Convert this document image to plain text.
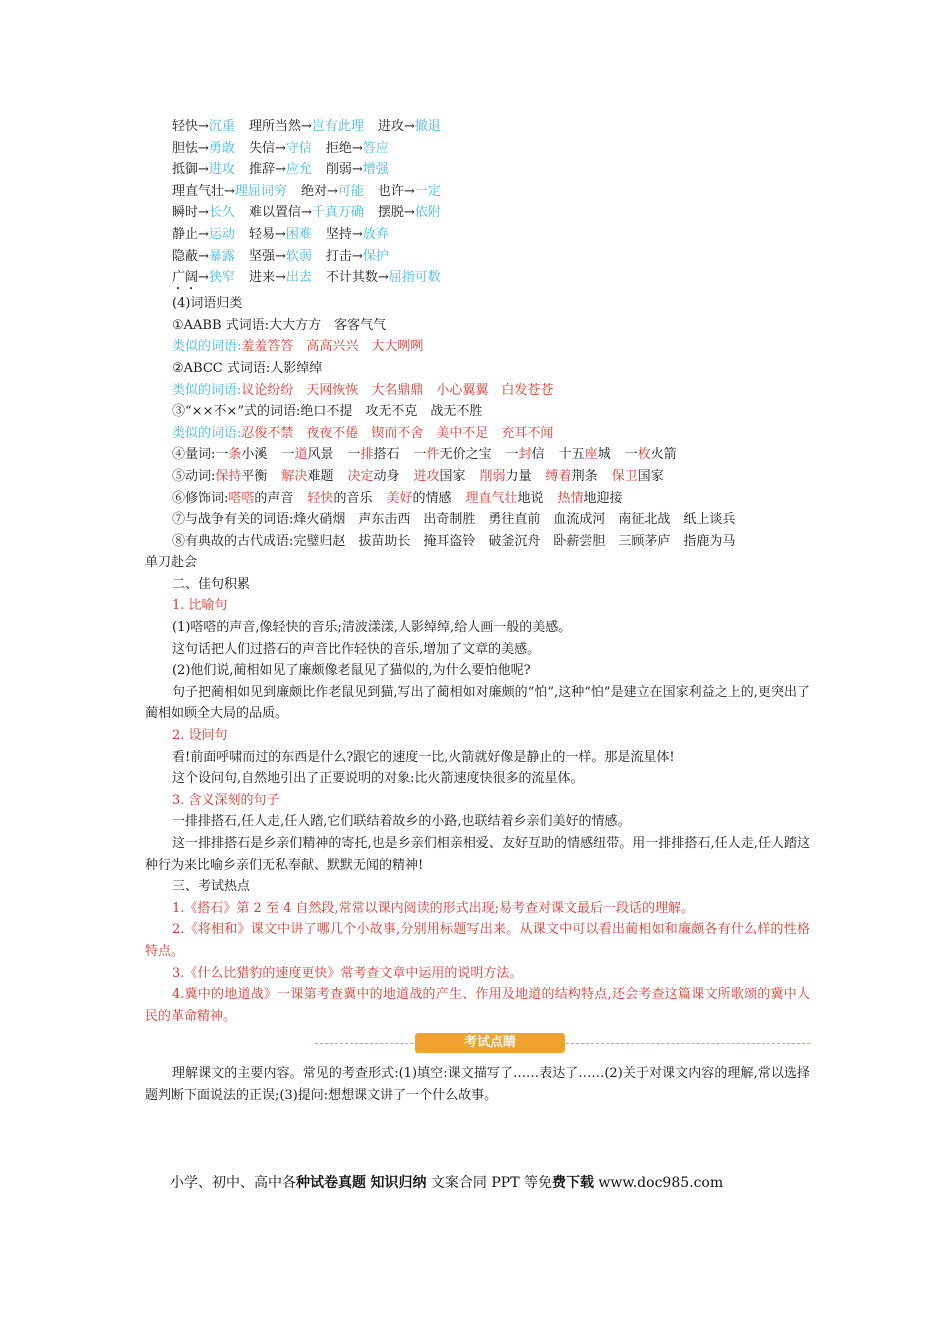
轻快→沉重 理所当然→岂有此理 进攻→撤退
胆怯→勇敢 失信→守信 拒绝→答应
抵御→进攻 推辞→应允 削弱→增强
理直气壮→理屈词穷 绝对→可能 也许→一定
瞬时→长久 难以置信→千真万确 摆脱→依附
静止→运动 轻易→困难 坚持→放弃
隐蔽→暴露 坚强→软弱 打击→保护
广阔→狭窄 进来→出去 不计其数→屈指可数
(4)词语归类
①AABB 式词语:大大方方　客客气气
类似的词语:羞羞答答　高高兴兴　大大咧咧
②ABCC 式词语:人影绰绰
类似的词语:议论纷纷　天网恢恢　大名鼎鼎　小心翼翼　白发苍苍
③“××不×”式的词语:绝口不提　攻无不克　战无不胜
类似的词语:忍俊不禁　夜夜不倦　锲而不舍　美中不足　充耳不闻
④量词:一条小溪 一道风景 一排搭石 一件无价之宝 一封信 十五座城 一枚火箭
⑤动词:保持平衡 解决难题 决定动身 进攻国家 削弱力量 缚着荆条 保卫国家
⑥修饰词:嗒嗒的声音 轻快的音乐 美好的情感 理直气壮地说 热情地迎接
⑦与战争有关的词语:烽火硝烟　声东击西　出奇制胜　勇往直前　血流成河　南征北战　纸上谈兵
⑧有典故的古代成语:完璧归赵　拔苗助长　掩耳盗铃　破釜沉舟　卧薪尝胆　三顾茅庐　指鹿为马
单刀赴会
二、佳句积累
1. 比喻句
(1)嗒嗒的声音,像轻快的音乐;清波漾漾,人影绰绰,给人画一般的美感。
这句话把人们过搭石的声音比作轻快的音乐,增加了文章的美感。
(2)他们说,蔺相如见了廉颇像老鼠见了猫似的,为什么要怕他呢?
句子把蔺相如见到廉颇比作老鼠见到猫,写出了蔺相如对廉颇的“怕”,这种“怕”是建立在国家利益之上的,更突出了蔺相如顾全大局的品质。
2. 设问句
看!前面呼啸而过的东西是什么?跟它的速度一比,火箭就好像是静止的一样。那是流星体!
这个设问句,自然地引出了正要说明的对象:比火箭速度快很多的流星体。
3. 含义深刻的句子
一排排搭石,任人走,任人踏,它们联结着故乡的小路,也联结着乡亲们美好的情感。
这一排排搭石是乡亲们精神的寄托,也是乡亲们相亲相爱、友好互助的情感纽带。用一排排搭石,任人走,任人踏这种行为来比喻乡亲们无私奉献、默默无闻的精神!
三、考试热点
1.《搭石》第 2 至 4 自然段,常常以课内阅读的形式出现;易考查对课文最后一段话的理解。
2.《将相和》课文中讲了哪几个小故事,分别用标题写出来。从课文中可以看出蔺相如和廉颇各有什么样的性格特点。
3.《什么比猎豹的速度更快》常考查文章中运用的说明方法。
4.冀中的地道战》一课第考查冀中的地道战的产生、作用及地道的结构特点,还会考查这篇课文所歌颂的冀中人民的革命精神。
考试点睛
理解课文的主要内容。常见的考查形式:(1)填空:课文描写了……表达了……(2)关于对课文内容的理解,常以选择题判断下面说法的正误;(3)提问:想想课文讲了一个什么故事。
小学、初中、高中各种试卷真题 知识归纳 文案合同 PPT 等免费下载 www.doc985.com
